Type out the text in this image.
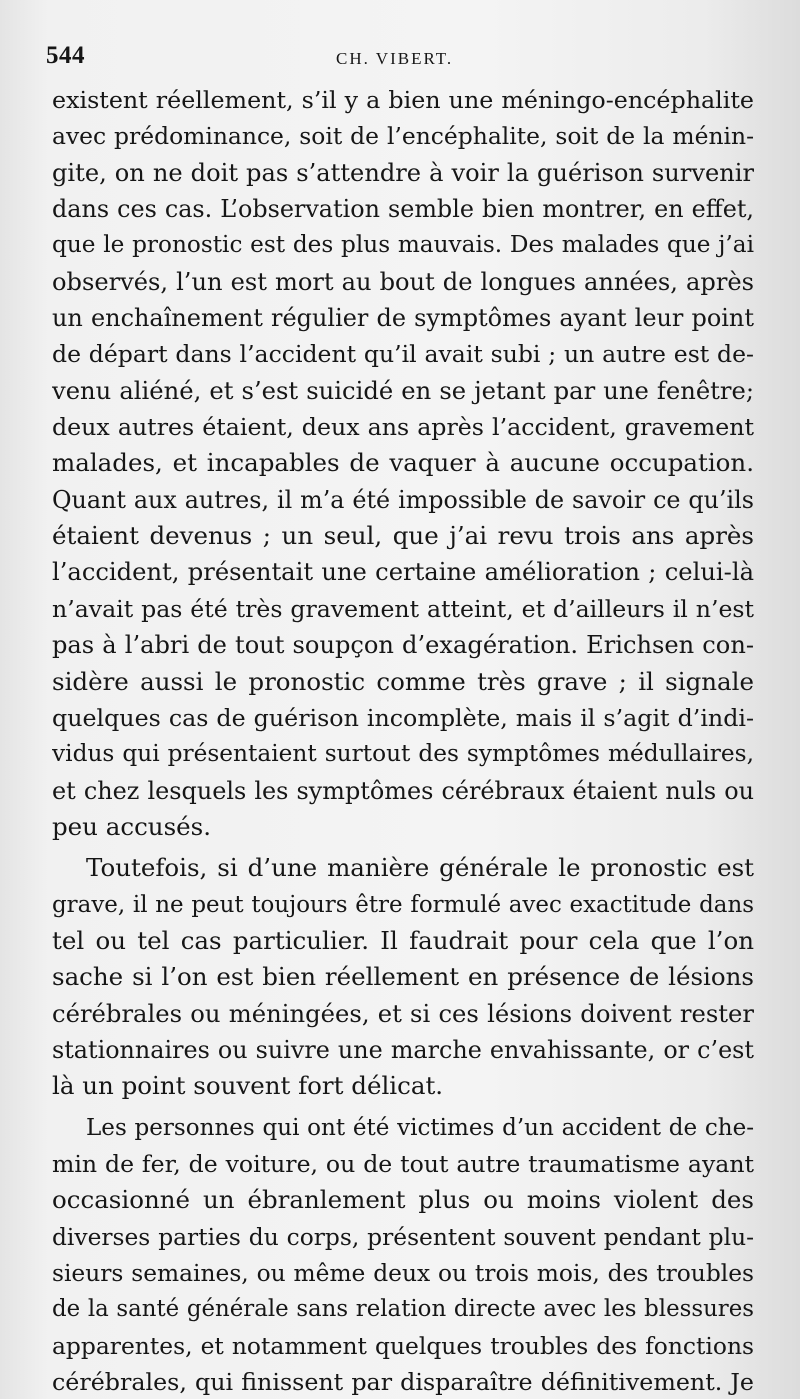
544	CH. VIBERT.
existent réellement, s’il y a bien une méningo-encéphalite
avec prédominance, soit de l’encéphalite, soit de la ménin-
gite, on ne doit pas s’attendre à voir la guérison survenir
dans ces cas. L’observation semble bien montrer, en effet,
que le pronostic est des plus mauvais. Des malades que j’ai
observés, l’un est mort au bout de longues années, après
un enchaînement régulier de symptômes ayant leur point
de départ dans l’accident qu’il avait subi ; un autre est de-
venu aliéné, et s’est suicidé en se jetant par une fenêtre;
deux autres étaient, deux ans après l’accident, gravement
malades, et incapables de vaquer à aucune occupation.
Quant aux autres, il m’a été impossible de savoir ce qu’ils
étaient devenus ; un seul, que j’ai revu trois ans après
l’accident, présentait une certaine amélioration ; celui-là
n’avait pas été très gravement atteint, et d’ailleurs il n’est
pas à l’abri de tout soupçon d’exagération. Erichsen con-
sidère aussi le pronostic comme très grave ; il signale
quelques cas de guérison incomplète, mais il s’agit d’indi-
vidus qui présentaient surtout des symptômes médullaires,
et chez lesquels les symptômes cérébraux étaient nuls ou
peu accusés.
Toutefois, si d’une manière générale le pronostic est
grave, il ne peut toujours être formulé avec exactitude dans
tel ou tel cas particulier. Il faudrait pour cela que l’on
sache si l’on est bien réellement en présence de lésions
cérébrales ou méningées, et si ces lésions doivent rester
stationnaires ou suivre une marche envahissante, or c’est
là un point souvent fort délicat.
Les personnes qui ont été victimes d’un accident de che-
min de fer, de voiture, ou de tout autre traumatisme ayant
occasionné un ébranlement plus ou moins violent des
diverses parties du corps, présentent souvent pendant plu-
sieurs semaines, ou même deux ou trois mois, des troubles
de la santé générale sans relation directe avec les blessures
apparentes, et notamment quelques troubles des fonctions
cérébrales, qui finissent par disparaître définitivement. Je
